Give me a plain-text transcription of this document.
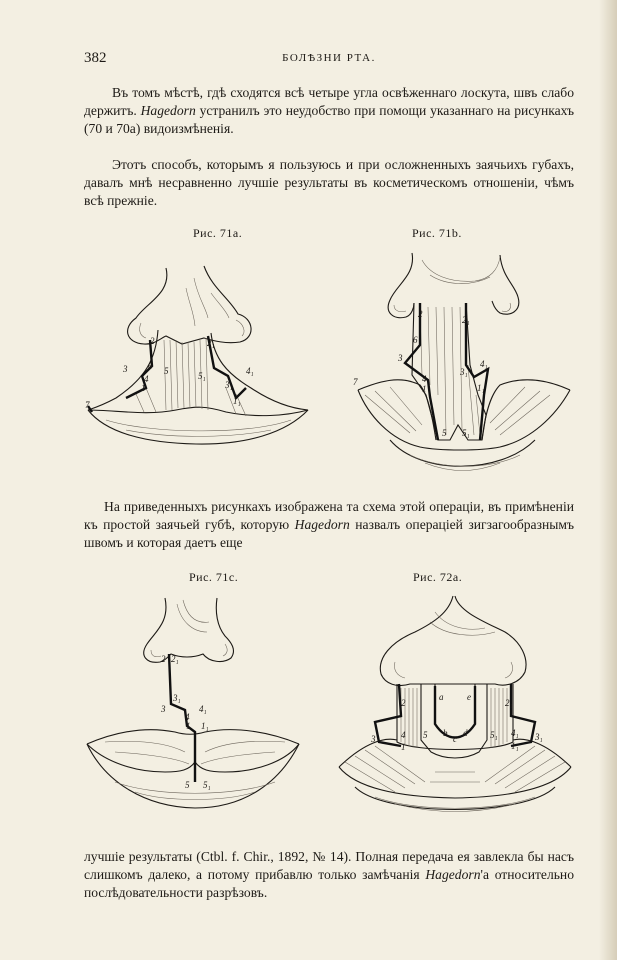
382	БОЛѢЗНИ РТА.

Въ томъ мѣстѣ, гдѣ сходятся всѣ четыре угла освѣженнаго лоскута, швъ слабо держитъ. Hagedorn устранилъ это неудобство при помощи указаннаго на рисункахъ (70 и 70a) видоизмѣненія.

Этотъ способъ, которымъ я пользуюсь и при осложненныхъ заячьихъ губахъ, давалъ мнѣ несравненно лучшіе результаты въ косметическомъ отношеніи, чѣмъ всѣ прежніе.

Рис. 71а.	Рис. 71b.
2	2₁
3 6
4
1
5	5₁
3₁
4₁
1₁
7
2
2₁
6
3
4
1
3₁
4₁
1₁
5 5₁
7

На приведенныхъ рисункахъ изображена та схема этой операціи, въ примѣненіи къ простой заячьей губѣ, которую Hagedorn назвалъ операціей зигзагообразнымъ швомъ и которая даетъ еще

Рис. 71с.	Рис. 72а.
2 2₁
3
3₁
4
4₁
1 1₁
5 5₁
2	2₁
a	e
3	4
1
b
c
d
5	5₁ 4₁
1₁
3₁

лучшіе результаты (Ctbl. f. Chir., 1892, № 14). Полная передача ея завлекла бы насъ слишкомъ далеко, а потому прибавлю только замѣчанія Hagedorn'а относительно послѣдовательности разрѣзовъ.
